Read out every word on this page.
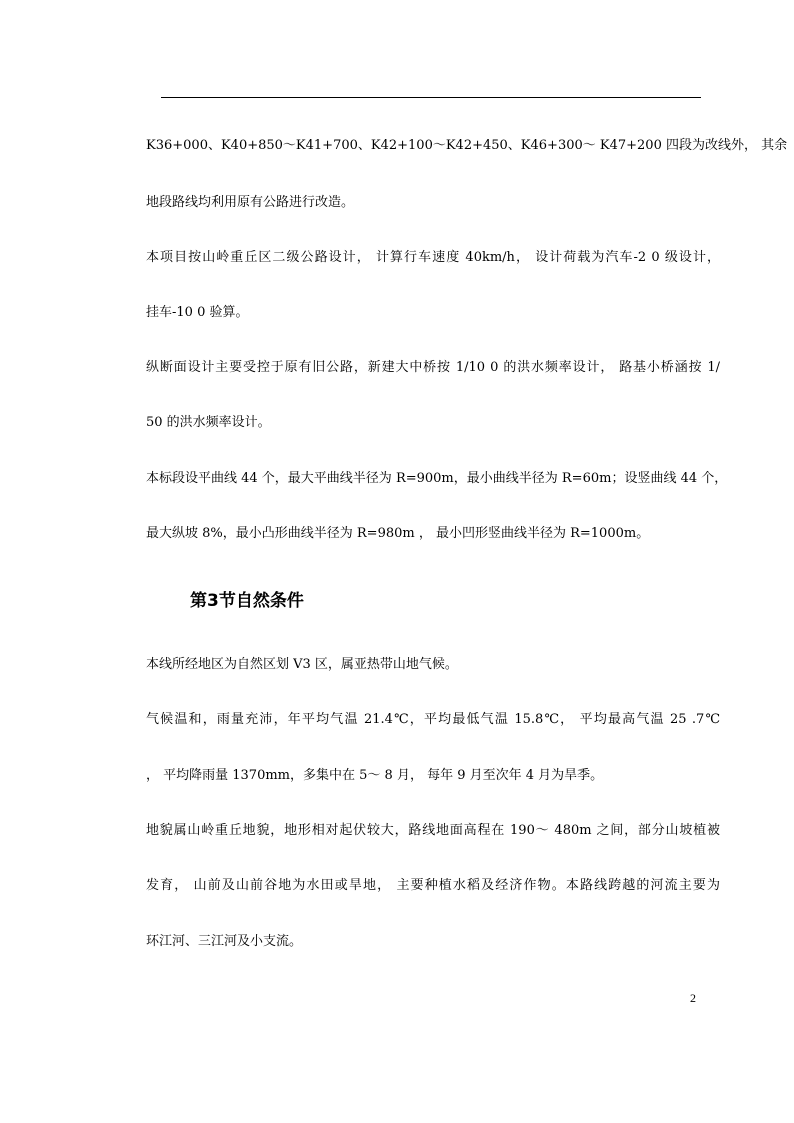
K36+000、K40+850～K41+700、K42+100～K42+450、K46+300～ K47+200 四段为改线外， 其余
地段路线均利用原有公路进行改造。
本项目按山岭重丘区二级公路设计， 计算行车速度 40km/h， 设计荷载为汽车-2 0 级设计，
挂车-10 0 验算。
纵断面设计主要受控于原有旧公路，新建大中桥按 1/10 0 的洪水频率设计， 路基小桥涵按 1/
50 的洪水频率设计。
本标段设平曲线 44 个，最大平曲线半径为 R=900m，最小曲线半径为 R=60m；设竖曲线 44 个，
最大纵坡 8%，最小凸形曲线半径为 R=980m ， 最小凹形竖曲线半径为 R=1000m。
第3节自然条件
本线所经地区为自然区划 V3 区，属亚热带山地气候。
气候温和，雨量充沛，年平均气温 21.4℃，平均最低气温 15.8℃， 平均最高气温 25 .7℃
， 平均降雨量 1370mm，多集中在 5～ 8 月， 每年 9 月至次年 4 月为旱季。
地貌属山岭重丘地貌，地形相对起伏较大，路线地面高程在 190～ 480m 之间，部分山坡植被
发育， 山前及山前谷地为水田或旱地， 主要种植水稻及经济作物。本路线跨越的河流主要为
环江河、三江河及小支流。
2
